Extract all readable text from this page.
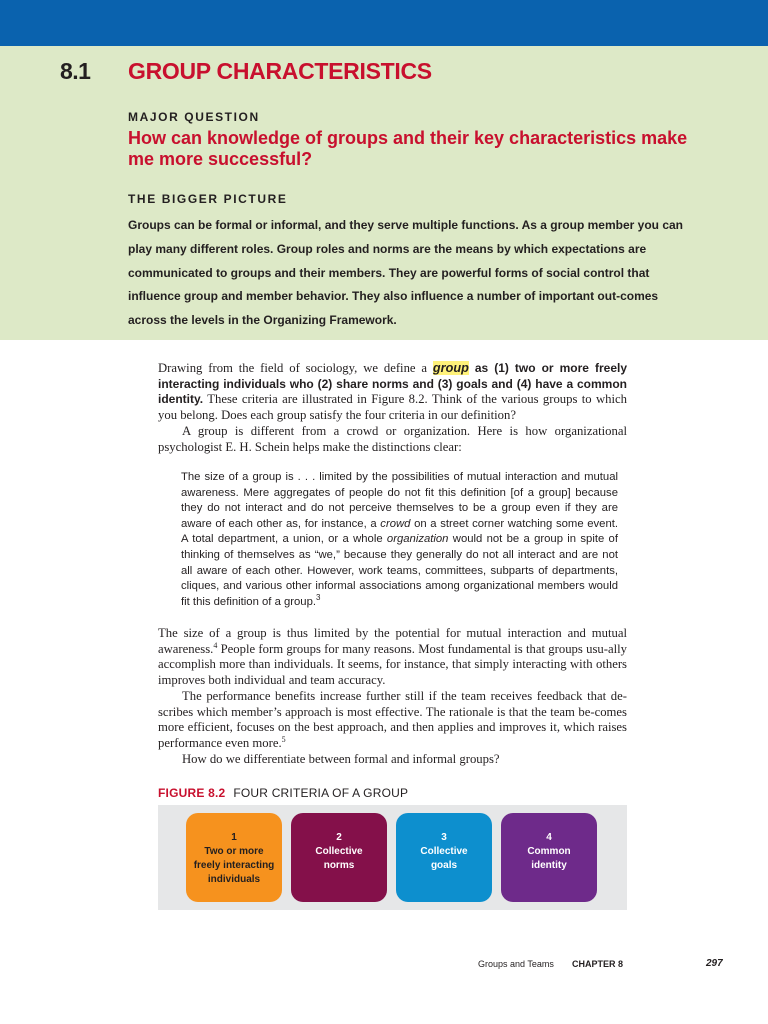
8.1 GROUP CHARACTERISTICS
MAJOR QUESTION
How can knowledge of groups and their key characteristics make me more successful?
THE BIGGER PICTURE
Groups can be formal or informal, and they serve multiple functions. As a group member you can play many different roles. Group roles and norms are the means by which expectations are communicated to groups and their members. They are powerful forms of social control that influence group and member behavior. They also influence a number of important out-comes across the levels in the Organizing Framework.

Drawing from the field of sociology, we define a group as (1) two or more freely interacting individuals who (2) share norms and (3) goals and (4) have a common identity. These criteria are illustrated in Figure 8.2. Think of the various groups to which you belong. Does each group satisfy the four criteria in our definition?

A group is different from a crowd or organization. Here is how organizational psychologist E. H. Schein helps make the distinctions clear:

The size of a group is . . . limited by the possibilities of mutual interaction and mutual awareness. Mere aggregates of people do not fit this definition [of a group] because they do not interact and do not perceive themselves to be a group even if they are aware of each other as, for instance, a crowd on a street corner watching some event. A total department, a union, or a whole organization would not be a group in spite of thinking of themselves as “we,” because they generally do not all interact and are not all aware of each other. However, work teams, committees, subparts of departments, cliques, and various other informal associations among organizational members would fit this definition of a group.$^3$

The size of a group is thus limited by the potential for mutual interaction and mutual awareness.$^4$ People form groups for many reasons. Most fundamental is that groups usu-ally accomplish more than individuals. It seems, for instance, that simply interacting with others improves both individual and team accuracy.

The performance benefits increase further still if the team receives feedback that de-scribes which member’s approach is most effective. The rationale is that the team be-comes more efficient, focuses on the best approach, and then applies and improves it, which raises performance even more.$^5$

How do we differentiate between formal and informal groups?

FIGURE 8.2 FOUR CRITERIA OF A GROUP
1
Two or more
freely interacting
individuals
2
Collective
norms
3
Collective
goals
4
Common
identity
Groups and Teams CHAPTER 8	297
